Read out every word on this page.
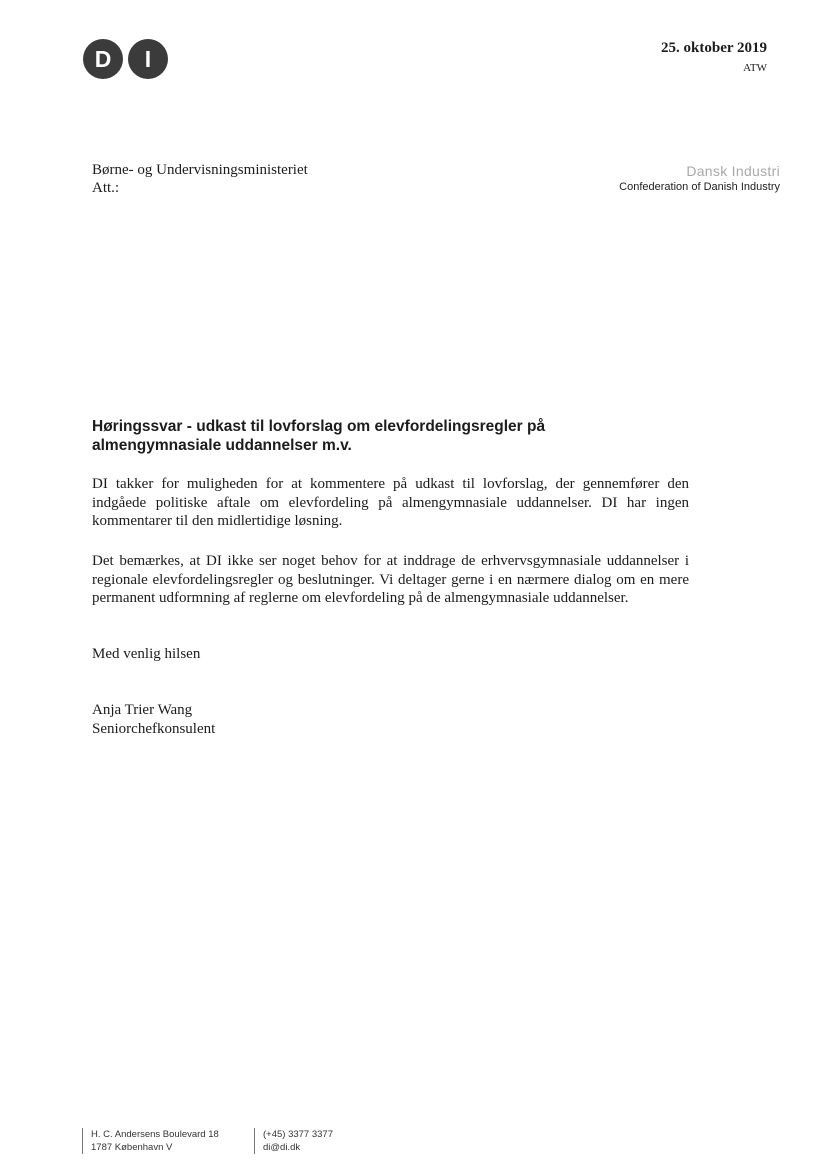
D	I	25. oktober 2019
ATW
Børne- og Undervisningsministeriet
Att.:
Dansk Industri
Confederation of Danish Industry
Høringssvar - udkast til lovforslag om elevfordelingsregler på almengymnasiale uddannelser m.v.

DI takker for muligheden for at kommentere på udkast til lovforslag, der gennemfører den indgåede politiske aftale om elevfordeling på almengymnasiale uddannelser. DI har ingen kommentarer til den midlertidige løsning.

Det bemærkes, at DI ikke ser noget behov for at inddrage de erhvervsgymnasiale uddannelser i regionale elevfordelingsregler og beslutninger. Vi deltager gerne i en nærmere dialog om en mere permanent udformning af reglerne om elevfordeling på de almengymnasiale uddannelser.

Med venlig hilsen

Anja Trier Wang
Seniorchefkonsulent
H. C. Andersens Boulevard 18
1787 København V
(+45) 3377 3377
di@di.dk
